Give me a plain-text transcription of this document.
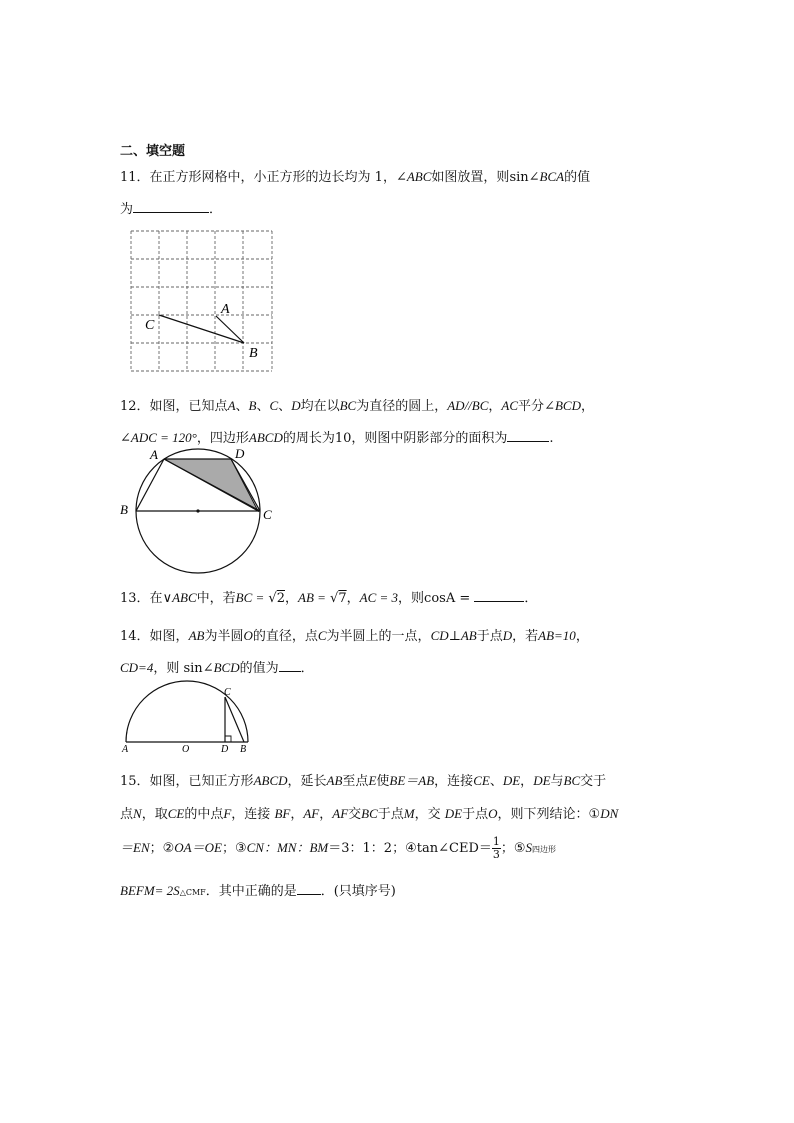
二、填空题
11．在正方形网格中，小正方形的边长均为 1，∠ABC如图放置，则sin∠BCA的值
为	．
A
B
C
12．如图，已知点A、B、C、D均在以BC为直径的圆上，AD//BC，AC平分∠BCD，
∠ADC = 120°，四边形ABCD的周长为10，则图中阴影部分的面积为	.
A	D
B	C
13．在∨ABC中，若BC = √2，AB = √7，AC = 3，则cosA =	．
14．如图，AB为半圆O的直径，点C为半圆上的一点，CD⊥AB于点D，若AB=10，
CD=4，则 sin∠BCD的值为 ．
A	O	D B
C
15．如图，已知正方形ABCD，延长AB至点E使BE＝AB，连接CE、DE，DE与BC交于
点N，取CE的中点F，连接 BF，AF，AF交BC于点M，交 DE于点O，则下列结论：①DN
＝EN；②OA＝OE；③CN：MN：BM＝3：1：2；④tan∠CED＝ $\frac{1}{3}$ ；⑤S四边形
BEFM= 2S△CMF．其中正确的是 ．(只填序号)
